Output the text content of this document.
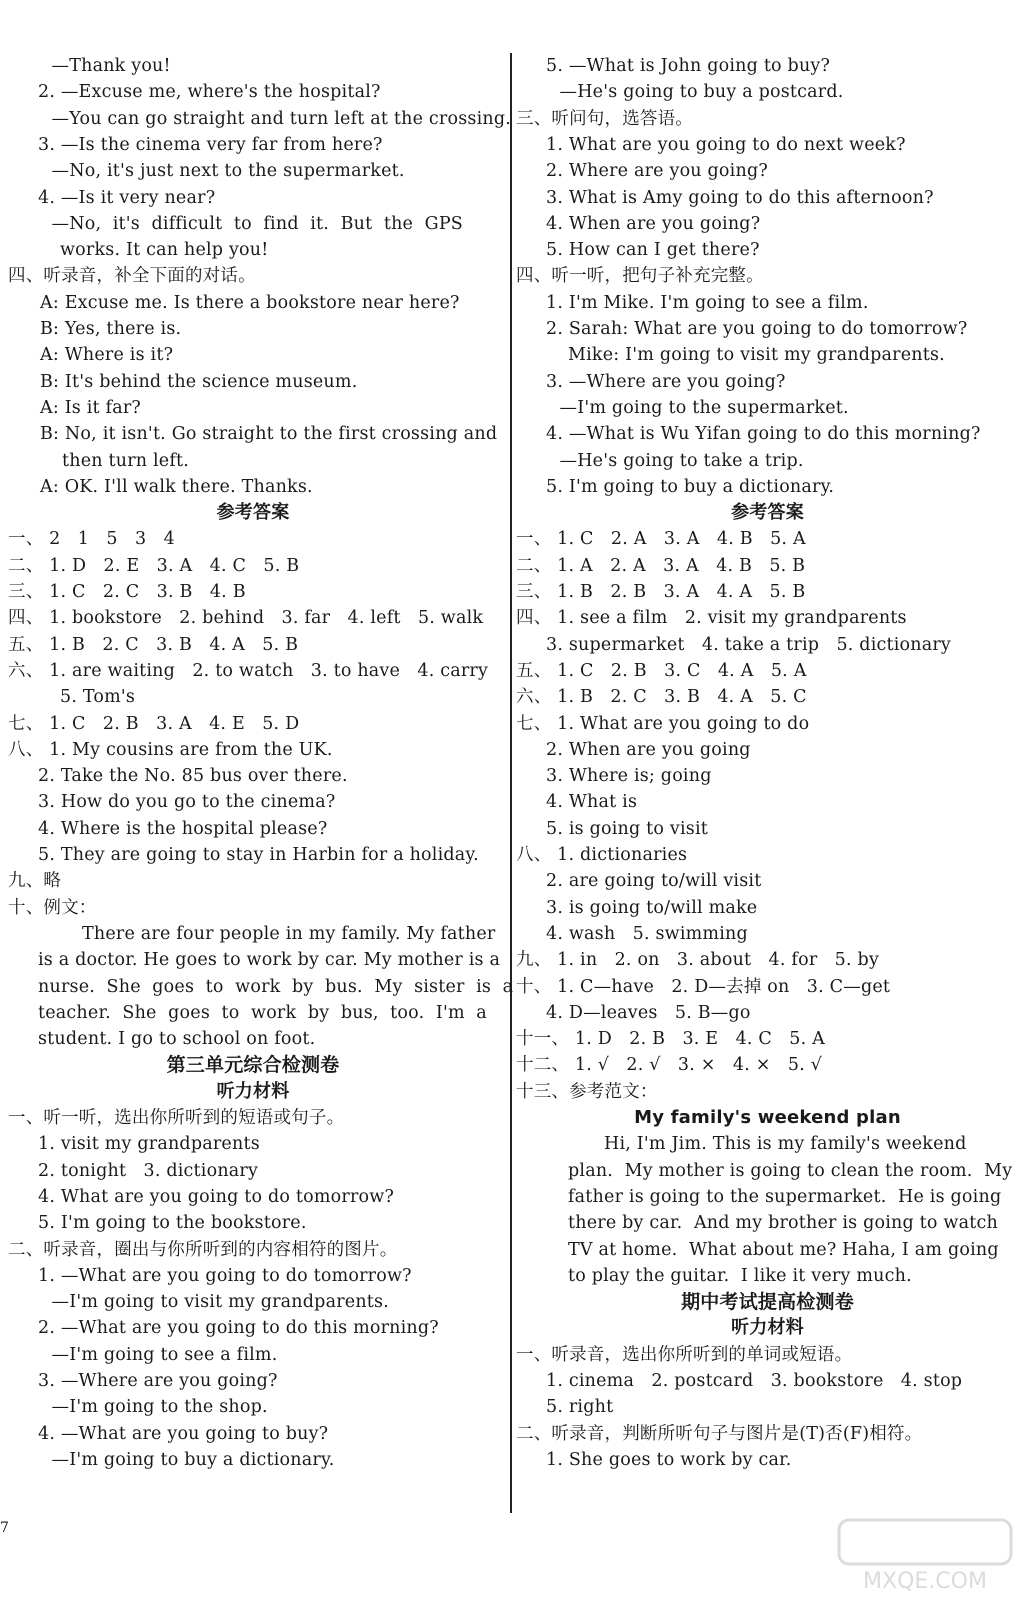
—Thank you!
2. —Excuse me, where's the hospital?
—You can go straight and turn left at the crossing.
3. —Is the cinema very far from here?
—No, it's just next to the supermarket.
4. —Is it very near?
—No,  it's  difficult  to  find  it.  But  the  GPS
works. It can help you!
四、听录音，补全下面的对话。
A: Excuse me. Is there a bookstore near here?
B: Yes, there is.
A: Where is it?
B: It's behind the science museum.
A: Is it far?
B: No, it isn't. Go straight to the first crossing and
then turn left.
A: OK. I'll walk there. Thanks.
参考答案
一、 2   1   5   3   4
二、 1. D   2. E   3. A   4. C   5. B
三、 1. C   2. C   3. B   4. B
四、 1. bookstore   2. behind   3. far   4. left   5. walk
五、 1. B   2. C   3. B   4. A   5. B
六、 1. are waiting   2. to watch   3. to have   4. carry
5. Tom's
七、 1. C   2. B   3. A   4. E   5. D
八、 1. My cousins are from the UK.
2. Take the No. 85 bus over there.
3. How do you go to the cinema?
4. Where is the hospital please?
5. They are going to stay in Harbin for a holiday.
九、略
十、例文：
There are four people in my family. My father
is a doctor. He goes to work by car. My mother is a
nurse.  She  goes  to  work  by  bus.  My  sister  is  a
teacher.  She  goes  to  work  by  bus,  too.  I'm  a
student. I go to school on foot.
第三单元综合检测卷
听力材料
一、听一听，选出你所听到的短语或句子。
1. visit my grandparents
2. tonight   3. dictionary
4. What are you going to do tomorrow?
5. I'm going to the bookstore.
二、听录音，圈出与你所听到的内容相符的图片。
1. —What are you going to do tomorrow?
—I'm going to visit my grandparents.
2. —What are you going to do this morning?
—I'm going to see a film.
3. —Where are you going?
—I'm going to the shop.
4. —What are you going to buy?
—I'm going to buy a dictionary.
5. —What is John going to buy?
—He's going to buy a postcard.
三、听问句，选答语。
1. What are you going to do next week?
2. Where are you going?
3. What is Amy going to do this afternoon?
4. When are you going?
5. How can I get there?
四、听一听，把句子补充完整。
1. I'm Mike. I'm going to see a film.
2. Sarah: What are you going to do tomorrow?
Mike: I'm going to visit my grandparents.
3. —Where are you going?
—I'm going to the supermarket.
4. —What is Wu Yifan going to do this morning?
—He's going to take a trip.
5. I'm going to buy a dictionary.
参考答案
一、 1. C   2. A   3. A   4. B   5. A
二、 1. A   2. A   3. A   4. B   5. B
三、 1. B   2. B   3. A   4. A   5. B
四、 1. see a film   2. visit my grandparents
3. supermarket   4. take a trip   5. dictionary
五、 1. C   2. B   3. C   4. A   5. A
六、 1. B   2. C   3. B   4. A   5. C
七、 1. What are you going to do
2. When are you going
3. Where is; going
4. What is
5. is going to visit
八、 1. dictionaries
2. are going to/will visit
3. is going to/will make
4. wash   5. swimming
九、 1. in   2. on   3. about   4. for   5. by
十、 1. C—have   2. D—去掉 on   3. C—get
4. D—leaves   5. B—go
十一、 1. D   2. B   3. E   4. C   5. A
十二、 1. √   2. √   3. ×   4. ×   5. √
十三、参考范文：
My family's weekend plan
Hi, I'm Jim. This is my family's weekend
plan.  My mother is going to clean the room.  My
father is going to the supermarket.  He is going
there by car.  And my brother is going to watch
TV at home.  What about me? Haha, I am going
to play the guitar.  I like it very much.
期中考试提高检测卷
听力材料
一、听录音，选出你所听到的单词或短语。
1. cinema   2. postcard   3. bookstore   4. stop
5. right
二、听录音，判断所听句子与图片是(T)否(F)相符。
1. She goes to work by car.
7
MXQE.COM
